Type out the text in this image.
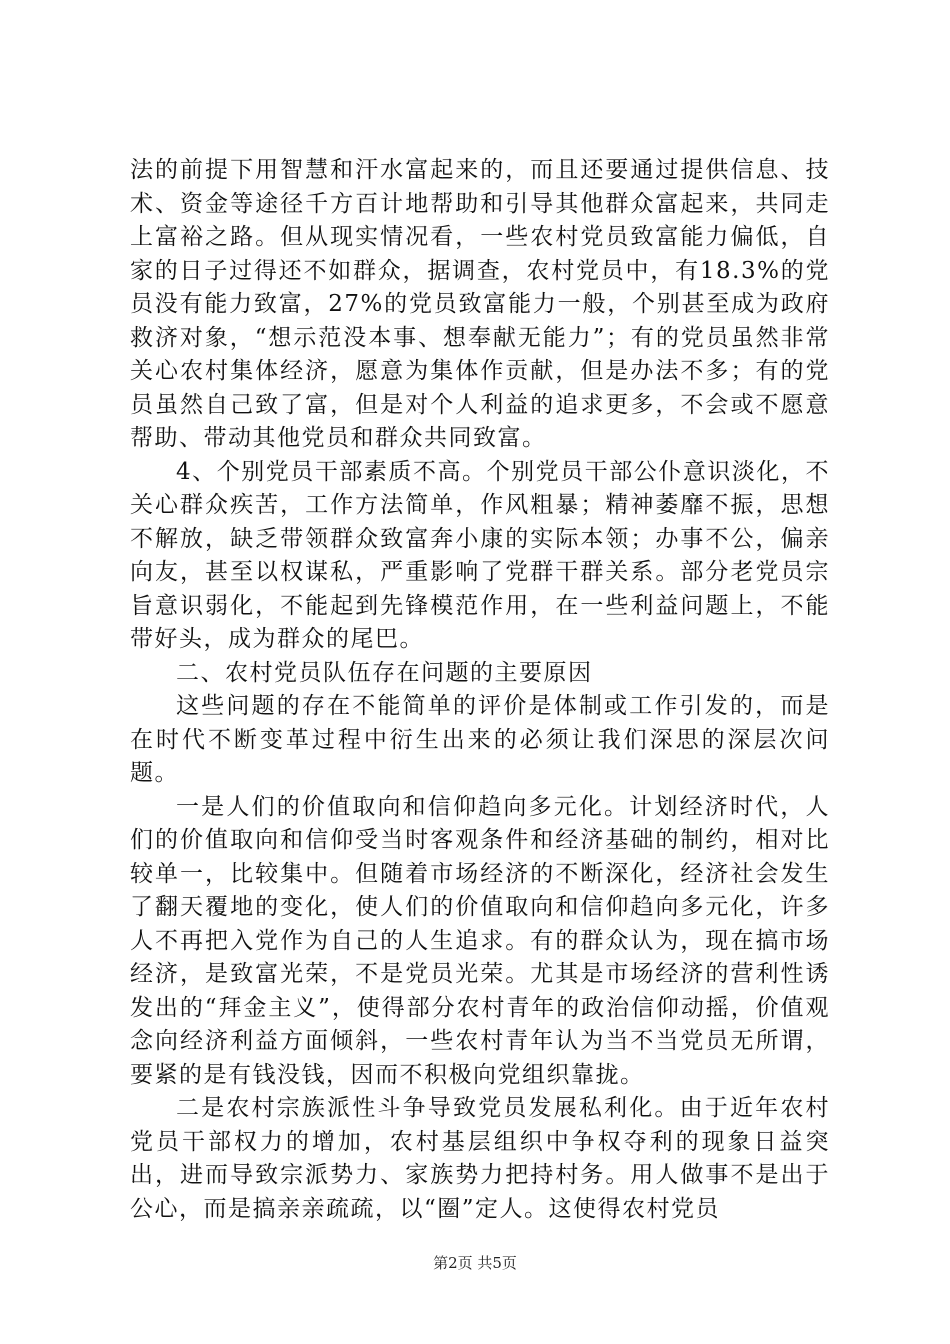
法的前提下用智慧和汗水富起来的，而且还要通过提供信息、技术、资金等途径千方百计地帮助和引导其他群众富起来，共同走上富裕之路。但从现实情况看，一些农村党员致富能力偏低，自家的日子过得还不如群众，据调查，农村党员中，有18.3%的党员没有能力致富，27%的党员致富能力一般，个别甚至成为政府救济对象，“想示范没本事、想奉献无能力”；有的党员虽然非常关心农村集体经济，愿意为集体作贡献，但是办法不多；有的党员虽然自己致了富，但是对个人利益的追求更多，不会或不愿意帮助、带动其他党员和群众共同致富。

4、个别党员干部素质不高。个别党员干部公仆意识淡化，不关心群众疾苦，工作方法简单，作风粗暴；精神萎靡不振，思想不解放，缺乏带领群众致富奔小康的实际本领；办事不公，偏亲向友，甚至以权谋私，严重影响了党群干群关系。部分老党员宗旨意识弱化，不能起到先锋模范作用，在一些利益问题上，不能带好头，成为群众的尾巴。

二、农村党员队伍存在问题的主要原因

这些问题的存在不能简单的评价是体制或工作引发的，而是在时代不断变革过程中衍生出来的必须让我们深思的深层次问题。

一是人们的价值取向和信仰趋向多元化。计划经济时代，人们的价值取向和信仰受当时客观条件和经济基础的制约，相对比较单一，比较集中。但随着市场经济的不断深化，经济社会发生了翻天覆地的变化，使人们的价值取向和信仰趋向多元化，许多人不再把入党作为自己的人生追求。有的群众认为，现在搞市场经济，是致富光荣，不是党员光荣。尤其是市场经济的营利性诱发出的“拜金主义”，使得部分农村青年的政治信仰动摇，价值观念向经济利益方面倾斜，一些农村青年认为当不当党员无所谓，要紧的是有钱没钱，因而不积极向党组织靠拢。

二是农村宗族派性斗争导致党员发展私利化。由于近年农村党员干部权力的增加，农村基层组织中争权夺利的现象日益突出，进而导致宗派势力、家族势力把持村务。用人做事不是出于公心，而是搞亲亲疏疏，以“圈”定人。这使得农村党员

第2页 共5页
